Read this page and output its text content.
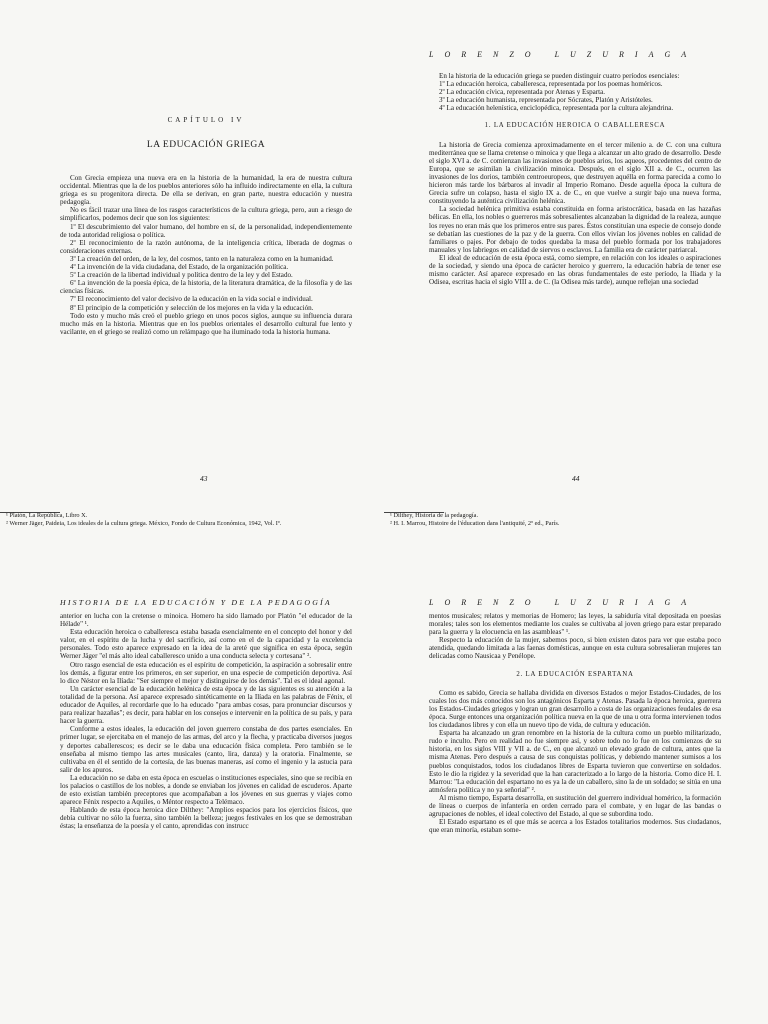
CAPÍTULO IV
LA EDUCACIÓN GRIEGA

Con Grecia empieza una nueva era en la historia de la humanidad, la era de nuestra cultura occidental. Mientras que la de los pueblos anteriores sólo ha influido indirectamente en ella, la cultura griega es su progenitora directa. De ella se derivan, en gran parte, nuestra educación y nuestra pedagogía.

No es fácil trazar una línea de los rasgos característicos de la cultura griega, pero, aun a riesgo de simplificarlos, podemos decir que son los siguientes:

1º El descubrimiento del valor humano, del hombre en sí, de la personalidad, independientemente de toda autoridad religiosa o política.

2º El reconocimiento de la razón autónoma, de la inteligencia crítica, liberada de dogmas o consideraciones externas.

3º La creación del orden, de la ley, del cosmos, tanto en la naturaleza como en la humanidad.

4º La invención de la vida ciudadana, del Estado, de la organización política.

5º La creación de la libertad individual y política dentro de la ley y del Estado.

6º La invención de la poesía épica, de la historia, de la literatura dramática, de la filosofía y de las ciencias físicas.

7º El reconocimiento del valor decisivo de la educación en la vida social e individual.

8º El principio de la competición y selección de los mejores en la vida y la educación.

Todo esto y mucho más creó el pueblo griego en unos pocos siglos, aunque su influencia durara mucho más en la historia. Mientras que en los pueblos orientales el desarrollo cultural fue lento y vacilante, en el griego se realizó como un relámpago que ha iluminado toda la historia humana.

43
LORENZO LUZURIAGA

En la historia de la educación griega se pueden distinguir cuatro períodos esenciales:

1º La educación heroica, caballeresca, representada por los poemas homéricos.

2º La educación cívica, representada por Atenas y Esparta.

3º La educación humanista, representada por Sócrates, Platón y Aristóteles.

4º La educación helenística, enciclopédica, representada por la cultura alejandrina.

1. LA EDUCACIÓN HEROICA O CABALLERESCA

La historia de Grecia comienza aproximadamente en el tercer milenio a. de C. con una cultura mediterránea que se llama cretense o minoica y que llega a alcanzar un alto grado de desarrollo. Desde el siglo XVI a. de C. comienzan las invasiones de pueblos arios, los aqueos, procedentes del centro de Europa, que se asimilan la civilización minoica. Después, en el siglo XII a. de C., ocurren las invasiones de los dorios, también centroeuropeos, que destruyen aquélla en forma parecida a como lo hicieron más tarde los bárbaros al invadir al Imperio Romano. Desde aquella época la cultura de Grecia sufre un colapso, hasta el siglo IX a. de C., en que vuelve a surgir bajo una nueva forma, constituyendo la auténtica civilización helénica.

La sociedad helénica primitiva estaba constituida en forma aristocrática, basada en las hazañas bélicas. En ella, los nobles o guerreros más sobresalientes alcanzaban la dignidad de la realeza, aunque los reyes no eran más que los primeros entre sus pares. Éstos constituían una especie de consejo donde se debatían las cuestiones de la paz y de la guerra. Con ellos vivían los jóvenes nobles en calidad de familiares o pajes. Por debajo de todos quedaba la masa del pueblo formada por los trabajadores manuales y los labriegos en calidad de siervos o esclavos. La familia era de carácter patriarcal.

El ideal de educación de esta época está, como siempre, en relación con los ideales o aspiraciones de la sociedad, y siendo una época de carácter heroico y guerrero, la educación habría de tener ese mismo carácter. Así aparece expresado en las obras fundamentales de este período, la Ilíada y la Odisea, escritas hacia el siglo VIII a. de C. (la Odisea más tarde), aunque reflejan una sociedad

44
HISTORIA DE LA EDUCACIÓN Y DE LA PEDAGOGÍA

anterior en lucha con la cretense o minoica. Homero ha sido llamado por Platón "el educador de la Hélade" ¹.

Esta educación heroica o caballeresca estaba basada esencialmente en el concepto del honor y del valor, en el espíritu de la lucha y del sacrificio, así como en el de la capacidad y la excelencia personales. Todo esto aparece expresado en la idea de la areté que significa en esta época, según Werner Jäger "el más alto ideal caballeresco unido a una conducta selecta y cortesana" ².

Otro rasgo esencial de esta educación es el espíritu de competición, la aspiración a sobresalir entre los demás, a figurar entre los primeros, en ser superior, en una especie de competición deportiva. Así lo dice Néstor en la Ilíada: "Ser siempre el mejor y distinguirse de los demás". Tal es el ideal agonal.

Un carácter esencial de la educación helénica de esta época y de las siguientes es su atención a la totalidad de la persona. Así aparece expresado sintéticamente en la Ilíada en las palabras de Fénix, el educador de Aquiles, al recordarle que lo ha educado "para ambas cosas, para pronunciar discursos y para realizar hazañas"; es decir, para hablar en los consejos e intervenir en la política de su país, y para hacer la guerra.

Conforme a estos ideales, la educación del joven guerrero constaba de dos partes esenciales. En primer lugar, se ejercitaba en el manejo de las armas, del arco y la flecha, y practicaba diversos juegos y deportes caballerescos; es decir se le daba una educación física completa. Pero también se le enseñaba al mismo tiempo las artes musicales (canto, lira, danza) y la oratoria. Finalmente, se cultivaba en él el sentido de la cortesía, de las buenas maneras, así como el ingenio y la astucia para salir de los apuros.

La educación no se daba en esta época en escuelas o instituciones especiales, sino que se recibía en los palacios o castillos de los nobles, a donde se enviaban los jóvenes en calidad de escuderos. Aparte de esto existían también preceptores que acompañaban a los jóvenes en sus guerras y viajes como aparece Fénix respecto a Aquiles, o Méntor respecto a Telémaco.

Hablando de esta época heroica dice Dilthey: "Amplios espacios para los ejercicios físicos, que debía cultivar no sólo la fuerza, sino también la belleza; juegos festivales en los que se demostraban éstas; la enseñanza de la poesía y el canto, aprendidas con instrucc

¹ Platón, La República, Libro X.

² Werner Jäger, Paideia, Los ideales de la cultura griega. México, Fondo de Cultura Económica, 1942, Vol. Iº.

LORENZO LUZURIAGA

mentos musicales; relatos y memorias de Homero; las leyes, la sabiduría vital depositada en poesías morales; tales son los elementos mediante los cuales se cultivaba al joven griego para estar preparado para la guerra y la elocuencia en las asambleas" ¹.

Respecto la educación de la mujer, sabemos poco, si bien existen datos para ver que estaba poco atendida, quedando limitada a las faenas domésticas, aunque en esta cultura sobresalieran mujeres tan delicadas como Nausicaa y Penélope.

2. LA EDUCACIÓN ESPARTANA

Como es sabido, Grecia se hallaba dividida en diversos Estados o mejor Estados-Ciudades, de los cuales los dos más conocidos son los antagónicos Esparta y Atenas. Pasada la época heroica, guerrera los Estados-Ciudades griegos y logran un gran desarrollo a costa de las organizaciones feudales de esa época. Surge entonces una organización política nueva en la que de una u otra forma intervienen todos los ciudadanos libres y con ella un nuevo tipo de vida, de cultura y educación.

Esparta ha alcanzado un gran renombre en la historia de la cultura como un pueblo militarizado, rudo e inculto. Pero en realidad no fue siempre así, y sobre todo no lo fue en los comienzos de su historia, en los siglos VIII y VII a. de C., en que alcanzó un elevado grado de cultura, antes que la misma Atenas. Pero después a causa de sus conquistas políticas, y debiendo mantener sumisos a los pueblos conquistados, todos los ciudadanos libres de Esparta tuvieron que convertirse en soldados. Esto le dio la rigidez y la severidad que la han caracterizado a lo largo de la historia. Como dice H. I. Marrou: "La educación del espartano no es ya la de un caballero, sino la de un soldado; se sitúa en una atmósfera política y no ya señorial" ².

Al mismo tiempo, Esparta desarrolla, en sustitución del guerrero individual homérico, la formación de líneas o cuerpos de infantería en orden cerrado para el combate, y en lugar de las bandas o agrupaciones de nobles, el ideal colectivo del Estado, al que se subordina todo.

El Estado espartano es el que más se acerca a los Estados totalitarios modernos. Sus ciudadanos, que eran minoría, estaban some-

¹ Dilthey, Historia de la pedagogía.

² H. I. Marrou, Histoire de l'éducation dans l'antiquité, 2º ed., París.
